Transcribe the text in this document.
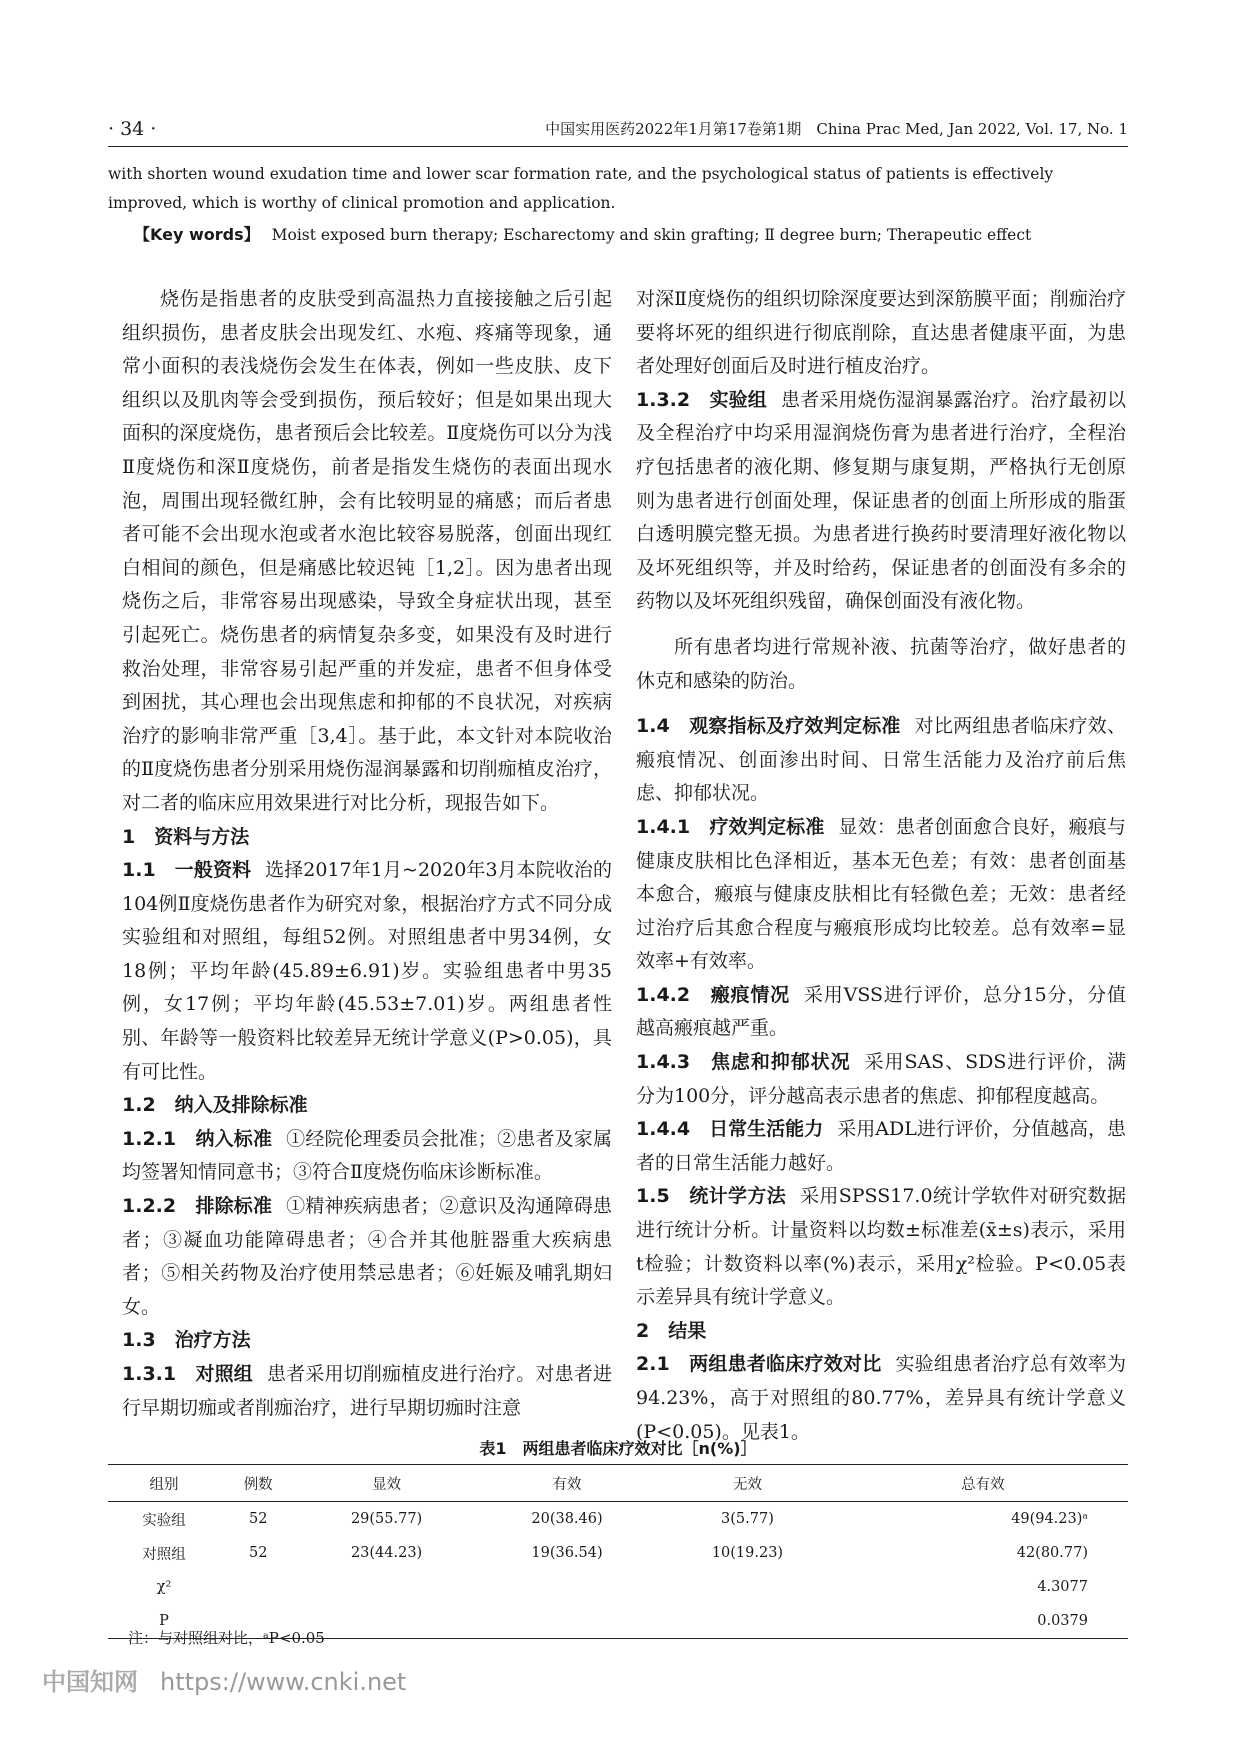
· 34 ·	中国实用医药2022年1月第17卷第1期　China Prac Med, Jan 2022, Vol. 17, No. 1
with shorten wound exudation time and lower scar formation rate, and the psychological status of patients is effectively improved, which is worthy of clinical promotion and application.
【Key words】 Moist exposed burn therapy; Escharectomy and skin grafting; Ⅱ degree burn; Therapeutic effect

烧伤是指患者的皮肤受到高温热力直接接触之后引起组织损伤，患者皮肤会出现发红、水疱、疼痛等现象，通常小面积的表浅烧伤会发生在体表，例如一些皮肤、皮下组织以及肌肉等会受到损伤，预后较好；但是如果出现大面积的深度烧伤，患者预后会比较差。Ⅱ度烧伤可以分为浅Ⅱ度烧伤和深Ⅱ度烧伤，前者是指发生烧伤的表面出现水泡，周围出现轻微红肿，会有比较明显的痛感；而后者患者可能不会出现水泡或者水泡比较容易脱落，创面出现红白相间的颜色，但是痛感比较迟钝［1,2］。因为患者出现烧伤之后，非常容易出现感染，导致全身症状出现，甚至引起死亡。烧伤患者的病情复杂多变，如果没有及时进行救治处理，非常容易引起严重的并发症，患者不但身体受到困扰，其心理也会出现焦虑和抑郁的不良状况，对疾病治疗的影响非常严重［3,4］。基于此，本文针对本院收治的Ⅱ度烧伤患者分别采用烧伤湿润暴露和切削痂植皮治疗，对二者的临床应用效果进行对比分析，现报告如下。

1　资料与方法

1.1　一般资料 选择2017年1月~2020年3月本院收治的104例Ⅱ度烧伤患者作为研究对象，根据治疗方式不同分成实验组和对照组，每组52例。对照组患者中男34例，女18例；平均年龄(45.89±6.91)岁。实验组患者中男35例，女17例；平均年龄(45.53±7.01)岁。两组患者性别、年龄等一般资料比较差异无统计学意义(P>0.05)，具有可比性。

1.2　纳入及排除标准

1.2.1　纳入标准 ①经院伦理委员会批准；②患者及家属均签署知情同意书；③符合Ⅱ度烧伤临床诊断标准。

1.2.2　排除标准 ①精神疾病患者；②意识及沟通障碍患者；③凝血功能障碍患者；④合并其他脏器重大疾病患者；⑤相关药物及治疗使用禁忌患者；⑥妊娠及哺乳期妇女。

1.3　治疗方法

1.3.1　对照组 患者采用切削痂植皮进行治疗。对患者进行早期切痂或者削痂治疗，进行早期切痂时注意

对深Ⅱ度烧伤的组织切除深度要达到深筋膜平面；削痂治疗要将坏死的组织进行彻底削除，直达患者健康平面，为患者处理好创面后及时进行植皮治疗。

1.3.2　实验组 患者采用烧伤湿润暴露治疗。治疗最初以及全程治疗中均采用湿润烧伤膏为患者进行治疗，全程治疗包括患者的液化期、修复期与康复期，严格执行无创原则为患者进行创面处理，保证患者的创面上所形成的脂蛋白透明膜完整无损。为患者进行换药时要清理好液化物以及坏死组织等，并及时给药，保证患者的创面没有多余的药物以及坏死组织残留，确保创面没有液化物。

所有患者均进行常规补液、抗菌等治疗，做好患者的休克和感染的防治。

1.4　观察指标及疗效判定标准 对比两组患者临床疗效、瘢痕情况、创面渗出时间、日常生活能力及治疗前后焦虑、抑郁状况。

1.4.1　疗效判定标准 显效：患者创面愈合良好，瘢痕与健康皮肤相比色泽相近，基本无色差；有效：患者创面基本愈合，瘢痕与健康皮肤相比有轻微色差；无效：患者经过治疗后其愈合程度与瘢痕形成均比较差。总有效率=显效率+有效率。

1.4.2　瘢痕情况 采用VSS进行评价，总分15分，分值越高瘢痕越严重。

1.4.3　焦虑和抑郁状况 采用SAS、SDS进行评价，满分为100分，评分越高表示患者的焦虑、抑郁程度越高。

1.4.4　日常生活能力 采用ADL进行评价，分值越高，患者的日常生活能力越好。

1.5　统计学方法 采用SPSS17.0统计学软件对研究数据进行统计分析。计量资料以均数±标准差(x̄±s)表示，采用t检验；计数资料以率(%)表示，采用χ²检验。P<0.05表示差异具有统计学意义。

2　结果

2.1　两组患者临床疗效对比 实验组患者治疗总有效率为94.23%，高于对照组的80.77%，差异具有统计学意义(P<0.05)。见表1。

表1　两组患者临床疗效对比［n(%)］
组别	例数	显效	有效	无效	总有效
实验组	52	29(55.77)	20(38.46)	3(5.77)	49(94.23)ᵃ
对照组	52	23(44.23)	19(36.54)	10(19.23)	42(80.77)
χ²					4.3077
P					0.0379
注：与对照组对比，ᵃP<0.05
中国知网 https://www.cnki.net
